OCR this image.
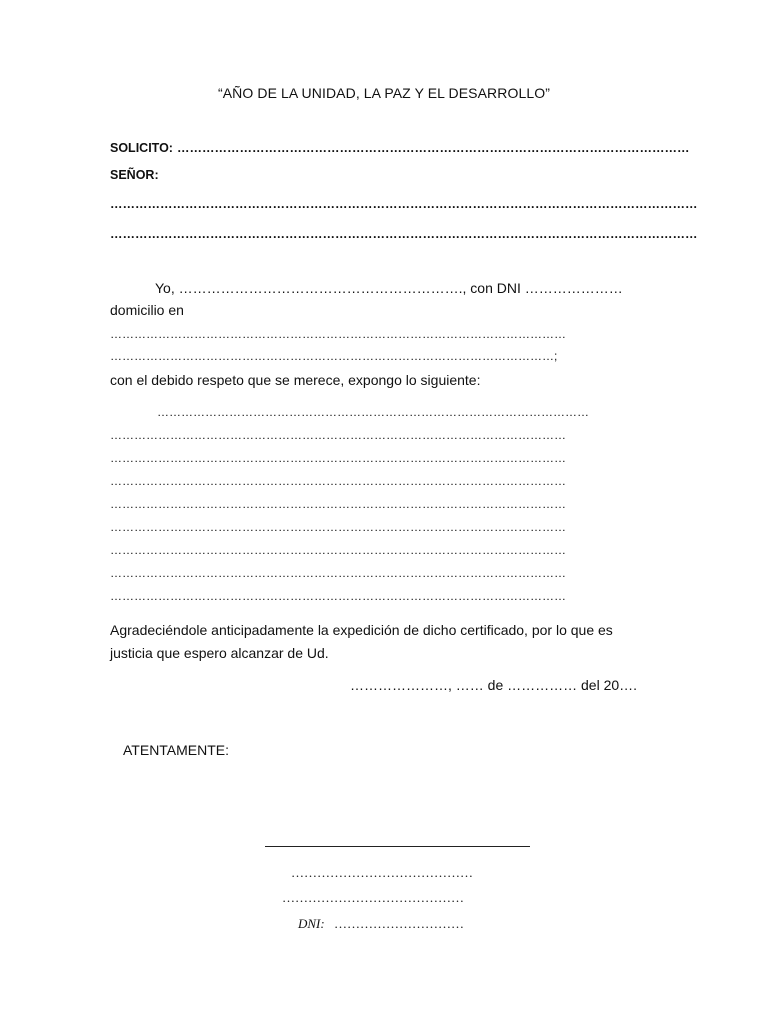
“AÑO DE LA UNIDAD, LA PAZ Y EL DESARROLLO”
SOLICITO: ……………………………………………………………………………………………………………
SEÑOR:
……………………………………………………………………………………………………………………………
……………………………………………………………………………………………………………………………
Yo, ……………………………………………………., con DNI …………………
domicilio en
……………………………………………………………………………………………………
…………………………………………………………………………………………………;
con el debido respeto que se merece, expongo lo siguiente:
………………………………………………………………………………………………
……………………………………………………………………………………………………
……………………………………………………………………………………………………
……………………………………………………………………………………………………
……………………………………………………………………………………………………
……………………………………………………………………………………………………
……………………………………………………………………………………………………
……………………………………………………………………………………………………
……………………………………………………………………………………………………
Agradeciéndole anticipadamente la expedición de dicho certificado, por lo que es
justicia que espero alcanzar de Ud.
…………………, …… de …………… del 20….
ATENTAMENTE:
……………………………………
……………………………………
DNI: …………………………
